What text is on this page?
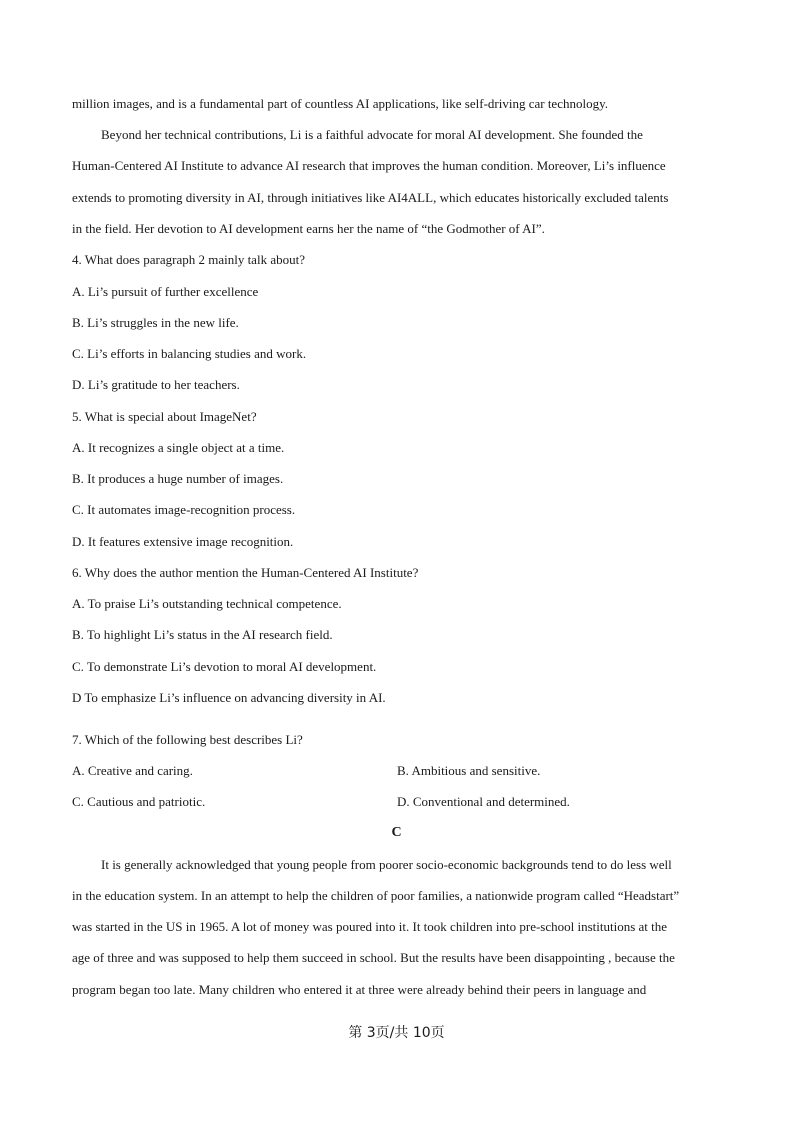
million images, and is a fundamental part of countless AI applications, like self-driving car technology.
Beyond her technical contributions, Li is a faithful advocate for moral AI development. She founded the
Human-Centered AI Institute to advance AI research that improves the human condition. Moreover, Li’s influence
extends to promoting diversity in AI, through initiatives like AI4ALL, which educates historically excluded talents
in the field. Her devotion to AI development earns her the name of “the Godmother of AI”.
4. What does paragraph 2 mainly talk about?
A. Li’s pursuit of further excellence
B. Li’s struggles in the new life.
C. Li’s efforts in balancing studies and work.
D. Li’s gratitude to her teachers.
5. What is special about ImageNet?
A. It recognizes a single object at a time.
B. It produces a huge number of images.
C. It automates image-recognition process.
D. It features extensive image recognition.
6. Why does the author mention the Human-Centered AI Institute?
A. To praise Li’s outstanding technical competence.
B. To highlight Li’s status in the AI research field.
C. To demonstrate Li’s devotion to moral AI development.
D To emphasize Li’s influence on advancing diversity in AI.
7. Which of the following best describes Li?
A. Creative and caring.	B. Ambitious and sensitive.
C. Cautious and patriotic.	D. Conventional and determined.
C
It is generally acknowledged that young people from poorer socio-economic backgrounds tend to do less well
in the education system. In an attempt to help the children of poor families, a nationwide program called “Headstart”
was started in the US in 1965. A lot of money was poured into it. It took children into pre-school institutions at the
age of three and was supposed to help them succeed in school. But the results have been disappointing , because the
program began too late. Many children who entered it at three were already behind their peers in language and
第 3页/共 10页
